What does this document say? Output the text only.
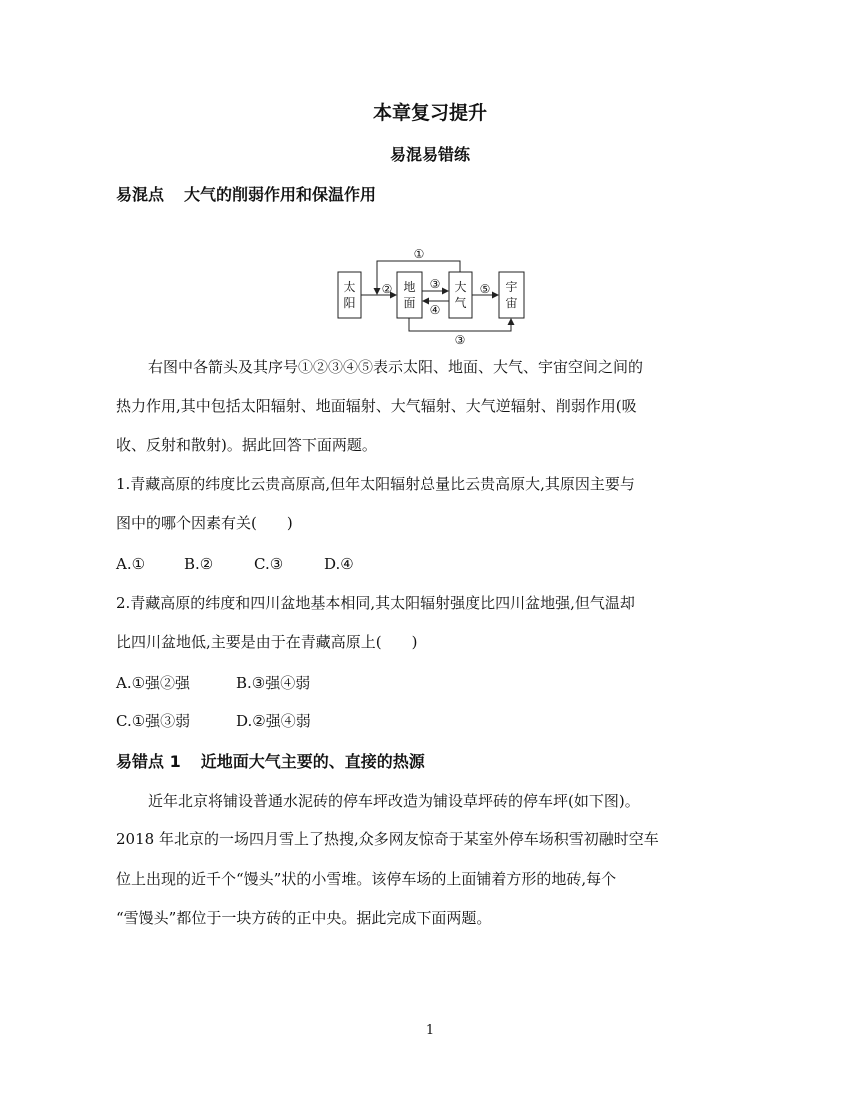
本章复习提升
易混易错练
易混点 大气的削弱作用和保温作用
太
阳
地
面
大
气
宇
宙
①
②	③
④
⑤
③
右图中各箭头及其序号①②③④⑤表示太阳、地面、大气、宇宙空间之间的
热力作用,其中包括太阳辐射、地面辐射、大气辐射、大气逆辐射、削弱作用(吸
收、反射和散射)。据此回答下面两题。
1.青藏高原的纬度比云贵高原高,但年太阳辐射总量比云贵高原大,其原因主要与
图中的哪个因素有关(　　)
A.①	B.②	C.③	D.④
2.青藏高原的纬度和四川盆地基本相同,其太阳辐射强度比四川盆地强,但气温却
比四川盆地低,主要是由于在青藏高原上(　　)
A.①强②强	B.③强④弱
C.①强③弱	D.②强④弱
易错点 1 近地面大气主要的、直接的热源
近年北京将铺设普通水泥砖的停车坪改造为铺设草坪砖的停车坪(如下图)。
2018 年北京的一场四月雪上了热搜,众多网友惊奇于某室外停车场积雪初融时空车
位上出现的近千个“馒头”状的小雪堆。该停车场的上面铺着方形的地砖,每个
“雪馒头”都位于一块方砖的正中央。据此完成下面两题。
1
